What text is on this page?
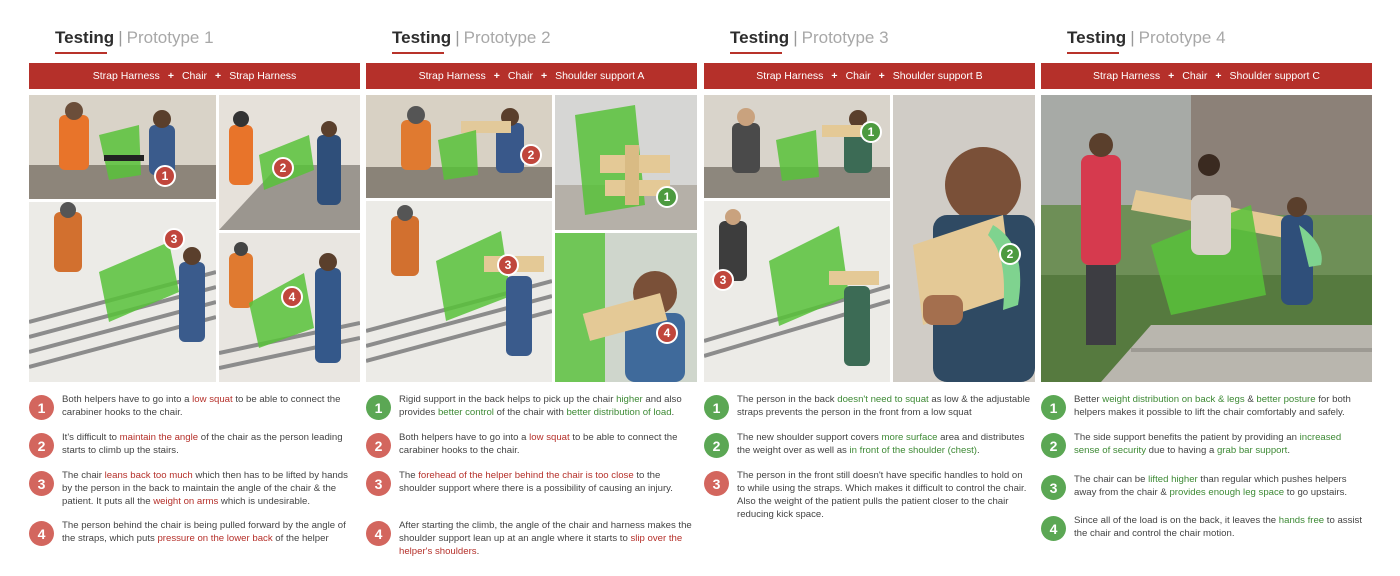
Testing | Prototype 1
Strap Harness + Chair + Strap Harness
1
2
3
4
1	Both helpers have to go into a low squat to be able to connect the carabiner hooks to the chair.
2	It's difficult to maintain the angle of the chair as the person leading starts to climb up the stairs.
3	The chair leans back too much which then has to be lifted by hands by the person in the back to maintain the angle of the chair & the patient. It puts all the weight on arms which is undesirable.
4	The person behind the chair is being pulled forward by the angle of the straps, which puts pressure on the lower back of the helper
Testing | Prototype 2
Strap Harness + Chair + Shoulder support A
2
1
3
4
1	Rigid support in the back helps to pick up the chair higher and also provides better control of the chair with better distribution of load.
2	Both helpers have to go into a low squat to be able to connect the carabiner hooks to the chair.
3	The forehead of the helper behind the chair is too close to the shoulder support where there is a possibility of causing an injury.
4	After starting the climb, the angle of the chair and harness makes the shoulder support lean up at an angle where it starts to slip over the helper's shoulders.
Testing | Prototype 3
Strap Harness + Chair + Shoulder support B
1
2
3
1	The person in the back doesn't need to squat as low & the adjustable straps prevents the person in the front from a low squat
2	The new shoulder support covers more surface area and distributes the weight over as well as in front of the shoulder (chest).
3	The person in the front still doesn't have specific handles to hold on to while using the straps. Which makes it difficult to control the chair. Also the weight of the patient pulls the patient closer to the chair reducing kick space.
Testing | Prototype 4
Strap Harness + Chair + Shoulder support C
1	Better weight distribution on back & legs & better posture for both helpers makes it possible to lift the chair comfortably and safely.
2	The side support benefits the patient by providing an increased sense of security due to having a grab bar support.
3	The chair can be lifted higher than regular which pushes helpers away from the chair & provides enough leg space to go upstairs.
4	Since all of the load is on the back, it leaves the hands free to assist the chair and control the chair motion.
